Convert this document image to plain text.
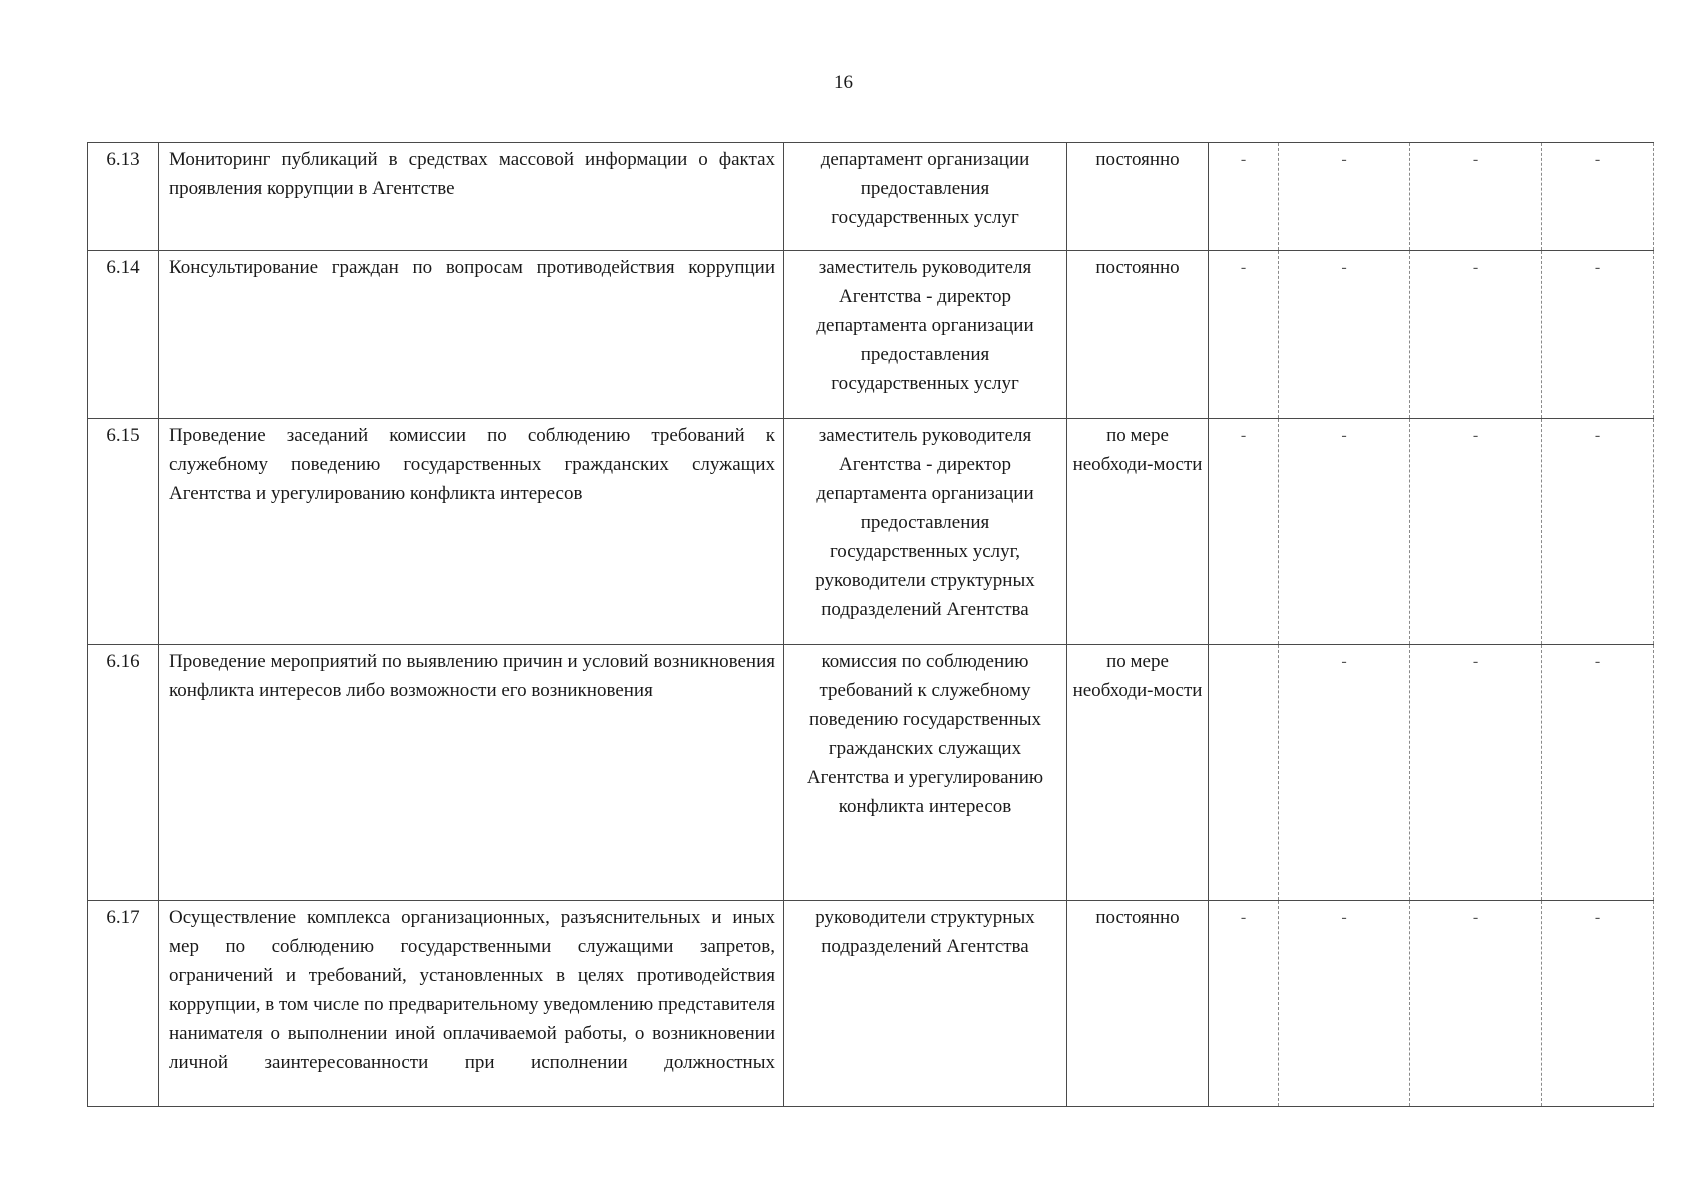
16
6.13	Мониторинг публикаций в средствах массовой информации о фактах проявления коррупции в Агентстве	департамент организации предоставления государственных услуг	постоянно	-	-	-	-
6.14	Консультирование граждан по вопросам противодействия коррупции	заместитель руководителя Агентства - директор департамента организации предоставления государственных услуг	постоянно	-	-	-	-
6.15	Проведение заседаний комиссии по соблюдению требований к служебному поведению государственных гражданских служащих Агентства и урегулированию конфликта интересов	заместитель руководителя Агентства - директор департамента организации предоставления государственных услуг, руководители структурных подразделений Агентства	по мере необходи-мости	-	-	-	-
6.16	Проведение мероприятий по выявлению причин и условий возникновения конфликта интересов либо возможности его возникновения	комиссия по соблюдению требований к служебному поведению государственных гражданских служащих Агентства и урегулированию конфликта интересов	по мере необходи-мости		-	-	-
6.17	Осуществление комплекса организационных, разъяснительных и иных мер по соблюдению государственными служащими запретов, ограничений и требований, установленных в целях противодействия коррупции, в том числе по предварительному уведомлению представителя нанимателя о выполнении иной оплачиваемой работы, о возникновении личной заинтересованности при исполнении должностных	руководители структурных подразделений Агентства	постоянно	-	-	-	-
